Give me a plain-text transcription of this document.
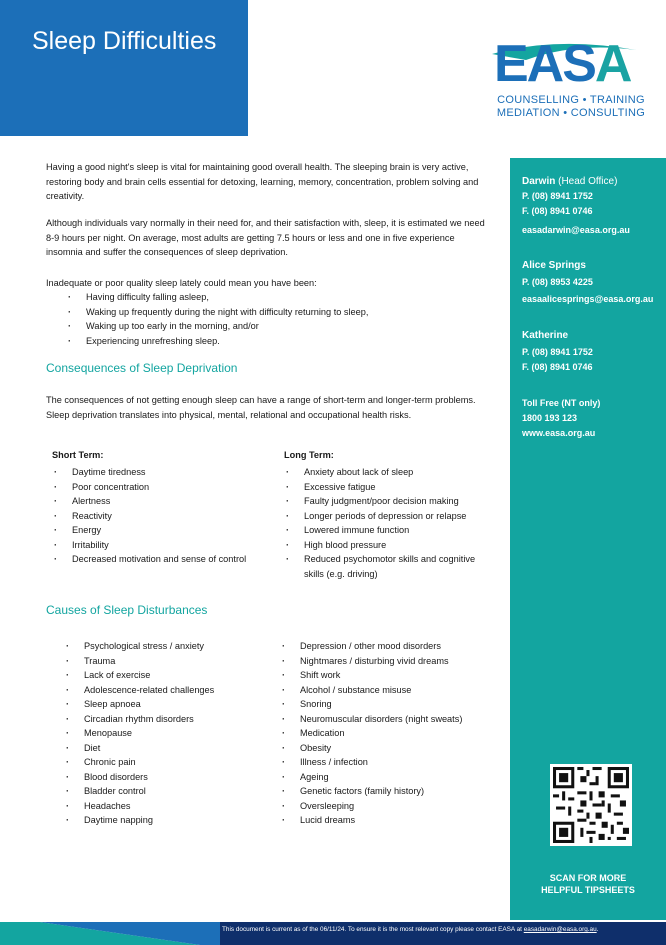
Sleep Difficulties	EASA
COUNSELLING • TRAINING
MEDIATION • CONSULTING
Darwin (Head Office)
P. (08) 8941 1752
F. (08) 8941 0746
easadarwin@easa.org.au
Alice Springs
P. (08) 8953 4225
easaalicesprings@easa.org.au
Katherine
P. (08) 8941 1752
F. (08) 8941 0746
Toll Free (NT only)
1800 193 123
www.easa.org.au
SCAN FOR MORE
HELPFUL TIPSHEETS

Having a good night's sleep is vital for maintaining good overall health. The sleeping brain is very active, restoring body and brain cells essential for detoxing, learning, memory, concentration, problem solving and creativity.

Although individuals vary normally in their need for, and their satisfaction with, sleep, it is estimated we need 8-9 hours per night. On average, most adults are getting 7.5 hours or less and one in five experience insomnia and suffer the consequences of sleep deprivation.

Inadequate or poor quality sleep lately could mean you have been:

· Having difficulty falling asleep,
· Waking up frequently during the night with difficulty returning to sleep,
· Waking up too early in the morning, and/or
· Experiencing unrefreshing sleep.
Consequences of Sleep Deprivation

The consequences of not getting enough sleep can have a range of short-term and longer-term problems. Sleep deprivation translates into physical, mental, relational and occupational health risks.

Short Term:

· Daytime tiredness
· Poor concentration
· Alertness
· Reactivity
· Energy
· Irritability
· Decreased motivation and sense of control

Long Term:

· Anxiety about lack of sleep
· Excessive fatigue
· Faulty judgment/poor decision making
· Longer periods of depression or relapse
· Lowered immune function
· High blood pressure
· Reduced psychomotor skills and cognitive skills (e.g. driving)
Causes of Sleep Disturbances
· Psychological stress / anxiety
· Trauma
· Lack of exercise
· Adolescence-related challenges
· Sleep apnoea
· Circadian rhythm disorders
· Menopause
· Diet
· Chronic pain
· Blood disorders
· Bladder control
· Headaches
· Daytime napping
· Depression / other mood disorders
· Nightmares / disturbing vivid dreams
· Shift work
· Alcohol / substance misuse
· Snoring
· Neuromuscular disorders (night sweats)
· Medication
· Obesity
· Illness / infection
· Ageing
· Genetic factors (family history)
· Oversleeping
· Lucid dreams
This document is current as of the 06/11/24. To ensure it is the most relevant copy please contact EASA at easadarwin@easa.org.au.
